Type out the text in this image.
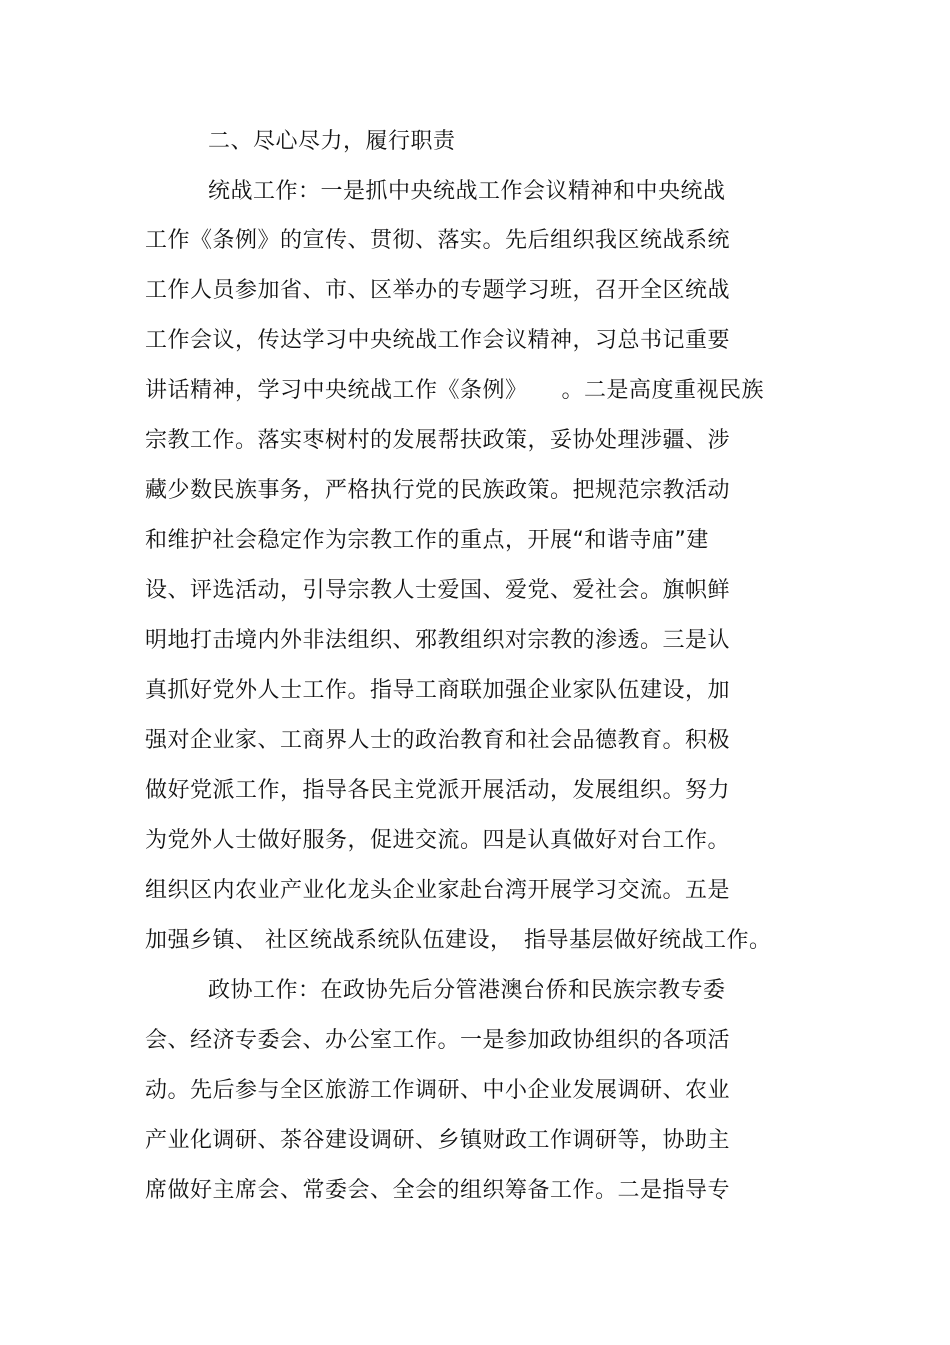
二、尽心尽力，履行职责
统战工作：一是抓中央统战工作会议精神和中央统战
工作《条例》的宣传、贯彻、落实。先后组织我区统战系统
工作人员参加省、市、区举办的专题学习班，召开全区统战
工作会议，传达学习中央统战工作会议精神，习总书记重要
讲话精神，学习中央统战工作《条例》　　。二是高度重视民族
宗教工作。落实枣树村的发展帮扶政策，妥协处理涉疆、涉
藏少数民族事务，严格执行党的民族政策。把规范宗教活动
和维护社会稳定作为宗教工作的重点，开展“和谐寺庙”建
设、评选活动，引导宗教人士爱国、爱党、爱社会。旗帜鲜
明地打击境内外非法组织、邪教组织对宗教的渗透。三是认
真抓好党外人士工作。指导工商联加强企业家队伍建设，加
强对企业家、工商界人士的政治教育和社会品德教育。积极
做好党派工作，指导各民主党派开展活动，发展组织。努力
为党外人士做好服务，促进交流。四是认真做好对台工作。
组织区内农业产业化龙头企业家赴台湾开展学习交流。五是
加强乡镇、 社区统战系统队伍建设，　指导基层做好统战工作。
政协工作：在政协先后分管港澳台侨和民族宗教专委
会、经济专委会、办公室工作。一是参加政协组织的各项活
动。先后参与全区旅游工作调研、中小企业发展调研、农业
产业化调研、茶谷建设调研、乡镇财政工作调研等，协助主
席做好主席会、常委会、全会的组织筹备工作。二是指导专
